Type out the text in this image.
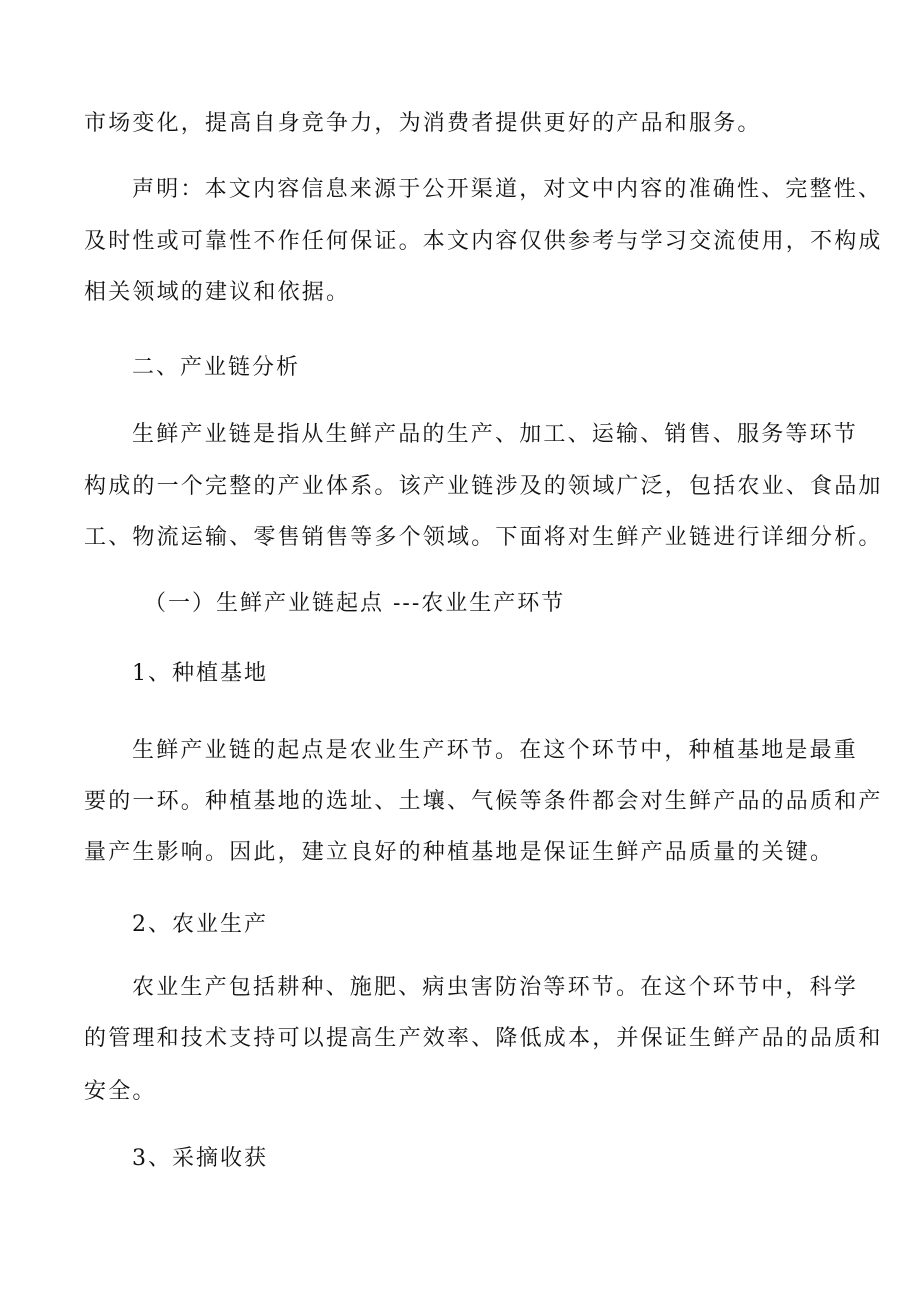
市场变化，提高自身竞争力，为消费者提供更好的产品和服务。
声明：本文内容信息来源于公开渠道，对文中内容的准确性、完整性、
及时性或可靠性不作任何保证。本文内容仅供参考与学习交流使用，不构成
相关领域的建议和依据。
二、产业链分析
生鲜产业链是指从生鲜产品的生产、加工、运输、销售、服务等环节
构成的一个完整的产业体系。该产业链涉及的领域广泛，包括农业、食品加
工、物流运输、零售销售等多个领域。下面将对生鲜产业链进行详细分析。
（一）生鲜产业链起点 ---农业生产环节
1、种植基地
生鲜产业链的起点是农业生产环节。在这个环节中，种植基地是最重
要的一环。种植基地的选址、土壤、气候等条件都会对生鲜产品的品质和产
量产生影响。因此，建立良好的种植基地是保证生鲜产品质量的关键。
2、农业生产
农业生产包括耕种、施肥、病虫害防治等环节。在这个环节中，科学
的管理和技术支持可以提高生产效率、降低成本，并保证生鲜产品的品质和
安全。
3、采摘收获
